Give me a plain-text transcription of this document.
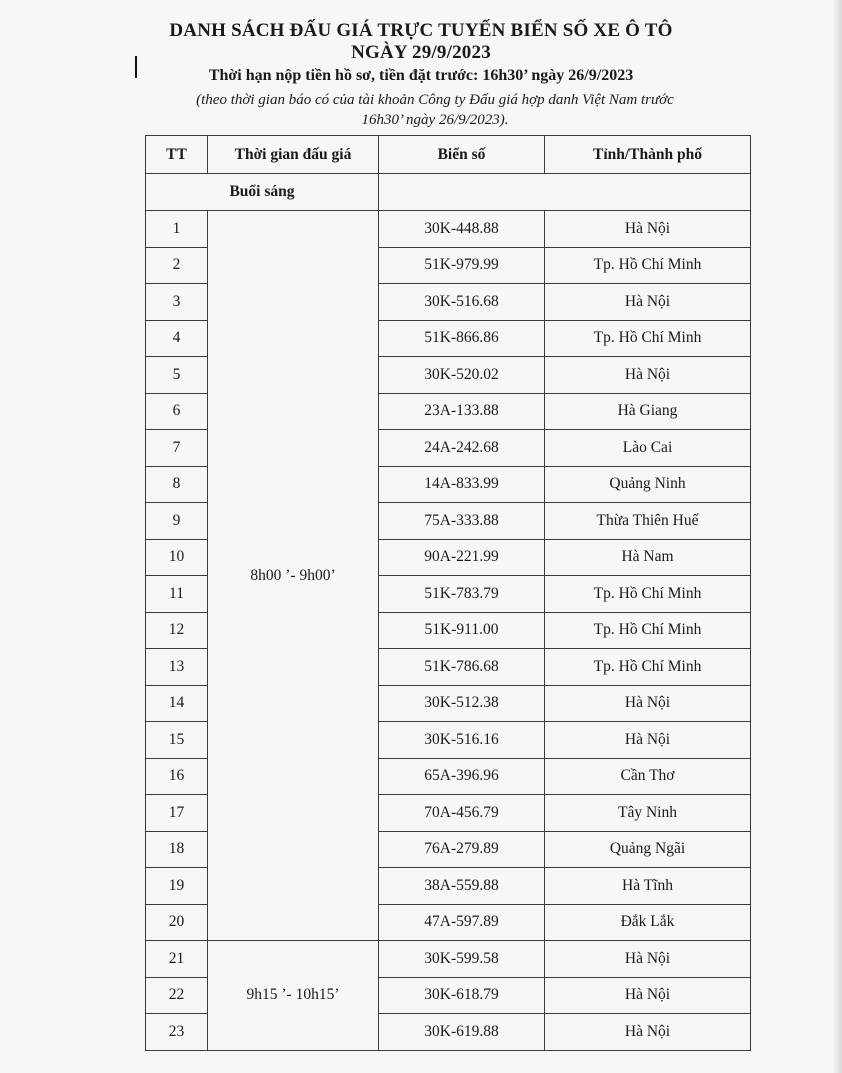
DANH SÁCH ĐẤU GIÁ TRỰC TUYẾN BIỂN SỐ XE Ô TÔ
NGÀY 29/9/2023
Thời hạn nộp tiền hồ sơ, tiền đặt trước: 16h30’ ngày 26/9/2023
(theo thời gian báo có của tài khoản Công ty Đấu giá hợp danh Việt Nam trước
16h30’ ngày 26/9/2023).
TT	Thời gian đấu giá	Biển số	Tỉnh/Thành phố
Buổi sáng			
1	8h00 ’- 9h00’	30K-448.88	Hà Nội
2		51K-979.99	Tp. Hồ Chí Minh
3		30K-516.68	Hà Nội
4		51K-866.86	Tp. Hồ Chí Minh
5		30K-520.02	Hà Nội
6		23A-133.88	Hà Giang
7		24A-242.68	Lào Cai
8		14A-833.99	Quảng Ninh
9		75A-333.88	Thừa Thiên Huế
10		90A-221.99	Hà Nam
11		51K-783.79	Tp. Hồ Chí Minh
12		51K-911.00	Tp. Hồ Chí Minh
13		51K-786.68	Tp. Hồ Chí Minh
14		30K-512.38	Hà Nội
15		30K-516.16	Hà Nội
16		65A-396.96	Cần Thơ
17		70A-456.79	Tây Ninh
18		76A-279.89	Quảng Ngãi
19		38A-559.88	Hà Tĩnh
20		47A-597.89	Đắk Lắk
21	9h15 ’- 10h15’	30K-599.58	Hà Nội
22		30K-618.79	Hà Nội
23		30K-619.88	Hà Nội
